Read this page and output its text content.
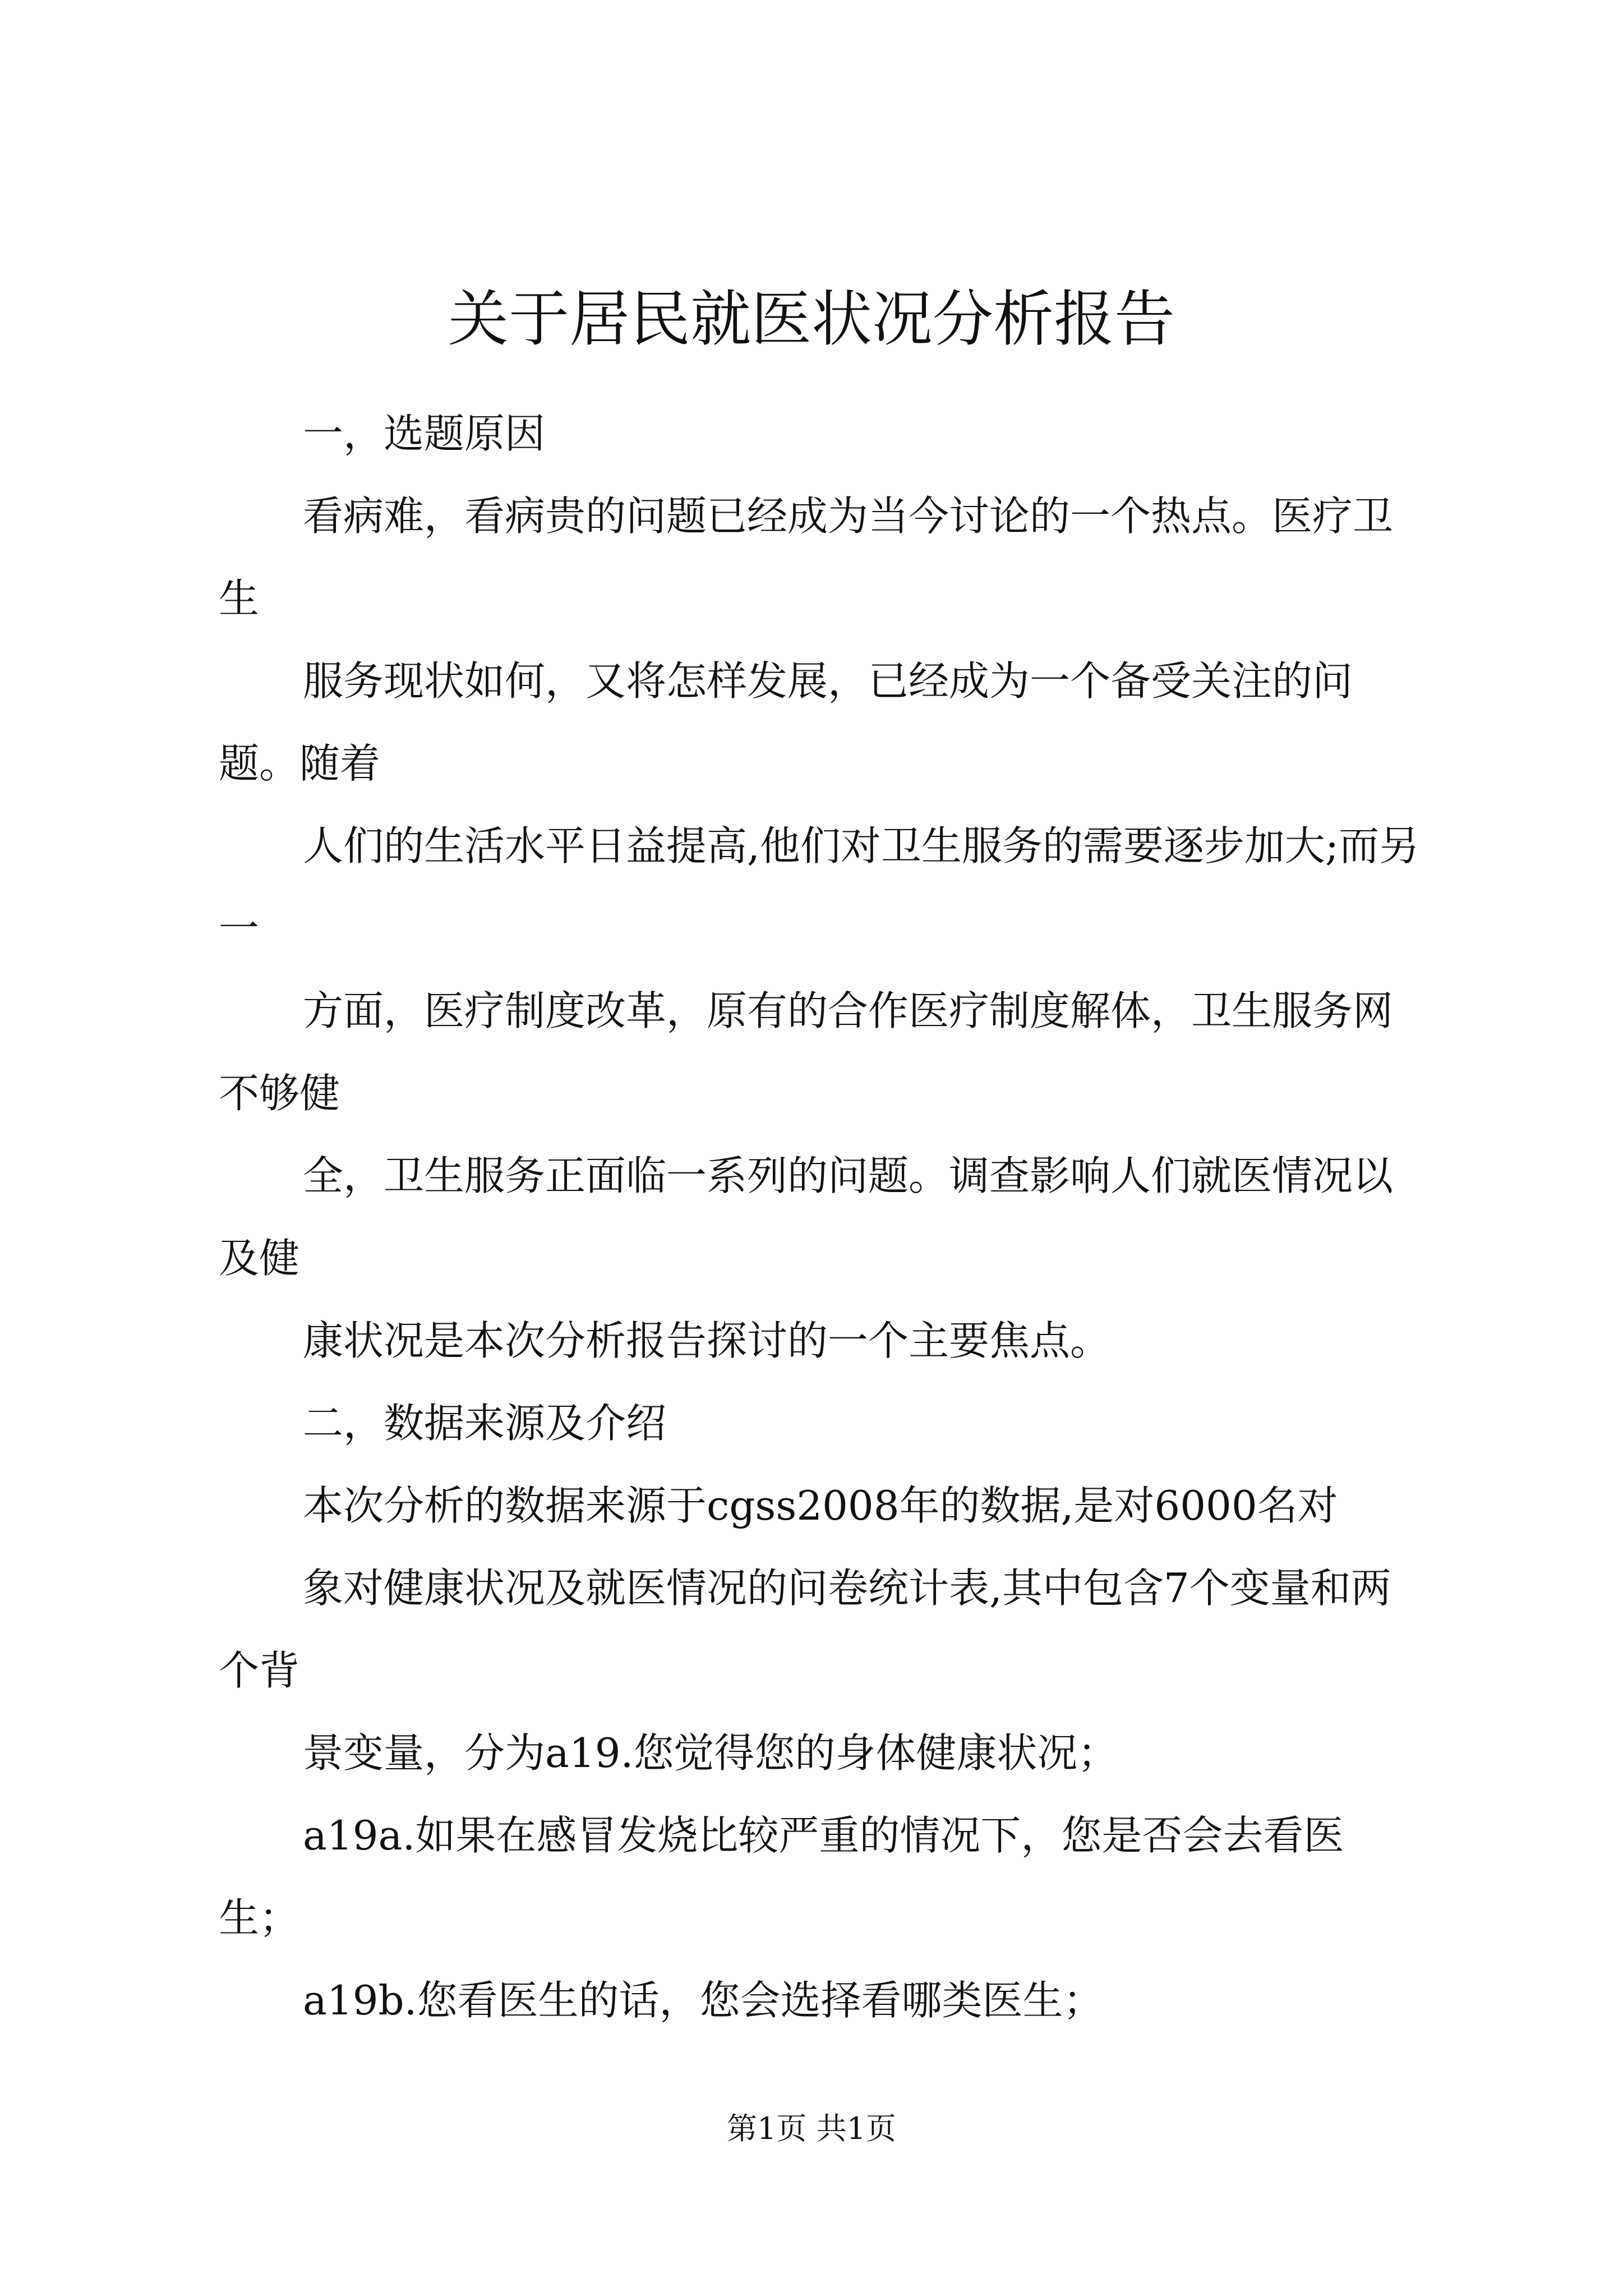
关于居民就医状况分析报告

一，选题原因

看病难，看病贵的问题已经成为当今讨论的一个热点。医疗卫生

服务现状如何，又将怎样发展，已经成为一个备受关注的问题。随着

人们的生活水平日益提高,他们对卫生服务的需要逐步加大;而另一

方面，医疗制度改革，原有的合作医疗制度解体，卫生服务网不够健

全，卫生服务正面临一系列的问题。调查影响人们就医情况以及健

康状况是本次分析报告探讨的一个主要焦点。

二，数据来源及介绍

本次分析的数据来源于cgss2008年的数据,是对6000名对

象对健康状况及就医情况的问卷统计表,其中包含7个变量和两个背

景变量，分为a19.您觉得您的身体健康状况；

a19a.如果在感冒发烧比较严重的情况下，您是否会去看医生；

a19b.您看医生的话，您会选择看哪类医生；

第1页 共1页
